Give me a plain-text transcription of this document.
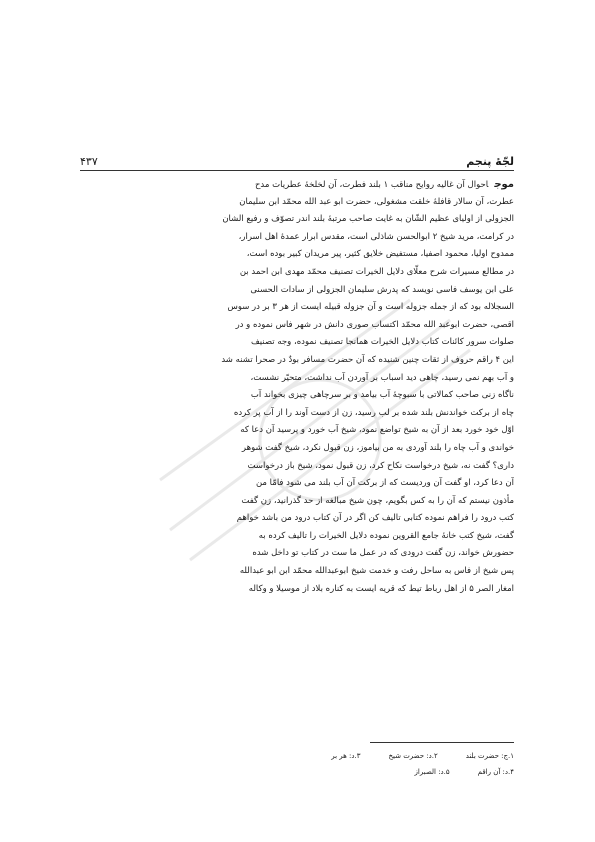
لجّهٔ پنجم
۴۳۷
موجاحوال آن غالیه روایح مناقب ۱ بلند فطرت، آن لخلخهٔ عطریات مدح
عطرت، آن سالار قافلهٔ خلقت مشغولی، حضرت ابو عبد الله محمّد ابن سلیمان
الجزولی از اولیای عظیم الشّان به غایت صاحب مرتبهٔ بلند اندر تصوّف و رفیع الشان
در کرامت، مرید شیخ ۲ ابوالحسن شاذلی است، مقدس ابرار عمدهٔ اهل اسرار،
ممدوح اولیا، محمود اصفیا، مستفیض خلایق کثیر، پیر مریدان کبیر بوده است،
در مطالع مسیرات شرح معلّای دلایل الخیرات تصنیف محمّد مهدی ابن احمد بن
علی ابن یوسف فاسی نویسد که پدرش سلیمان الجزولی از سادات الحسنی
السجلاله بود که از جمله جزوله است و آن جزوله قبیله ایست از هر ۳ بر در سوس
اقصی، حضرت ابوعبد الله محمّد اکتساب صوری دانش در شهر فاس نموده و در
صلوات سرور کائنات کتاب دلایل الخیرات همانجا تصنیف نموده، وجه تصنیف
این ۴ راقم حروف از ثقات چنین شنیده که آن حضرت مسافر بودٌ در صحرا تشنه شد
و آب بهم نمی رسید، چاهی دید اسباب بر آوردن آب نداشت، متحیّر نشست،
ناگاه زنی صاحب کمالاتی با سبوچهٔ آب بیامد و بر سرچاهی چیزی بخواند آب
چاه از برکت خواندنش بلند شده بر لب رسید، زن از دست آوند را از آب پر کرده
اوّل خود خورد بعد از آن به شیخ تواضع نمود، شیخ آب خورد و پرسید آن دعا که
خواندی و آب چاه را بلند آوردی به من بیاموز، زن قبول نکرد، شیخ گفت شوهر
داری؟ گفت نه، شیخ درخواست نکاح کرد، زن قبول نمود، شیخ باز درخواست
آن دعا کرد، او گفت آن وردیست که از برکت آن آب بلند می شود فامّا من
مأذون نیستم که آن را به کس بگویم، چون شیخ مبالغه از حد گذرانید، زن گفت
کتب درود را فراهم نموده کتابی تالیف کن اگر در آن کتاب درود من باشد خواهم
گفت، شیخ کتب خانهٔ جامع القروین نموده دلایل الخیرات را تالیف کرده به
حضورش خواند، زن گفت درودی که در عمل ما ست در کتاب تو داخل شده
پس شیخ از فاس به ساحل رفت و خدمت شیخ ابوعبدالله محمّد ابن ابو عبدالله
امغار الصر ۵ از اهل رباط تیط که قریه ایست به کناره بلاد از موسیلا و وکاله
۱.ج: حضرت بلند
۲.د: حضرت شیخ
۳.د: هر بر
۴.د: آن راقم
۵.د: الصبراز
